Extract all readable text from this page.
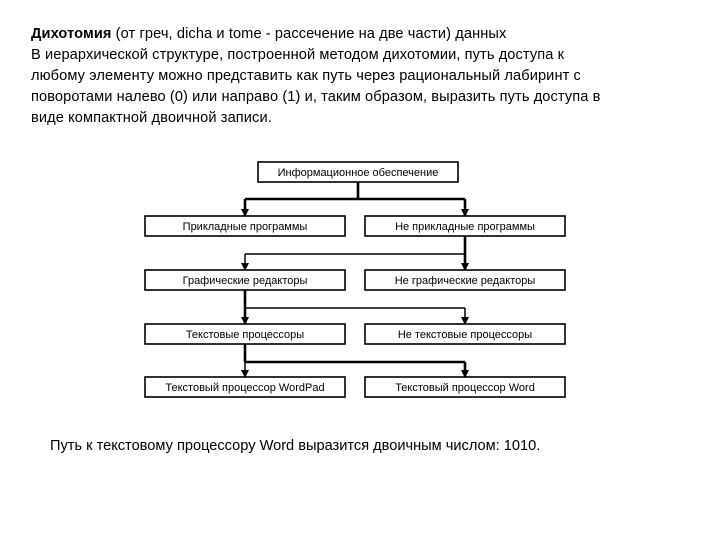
Дихотомия (от греч, dicha и tome - рассечение на две части) данных
В иерархической структуре, построенной методом дихотомии, путь доступа к
любому элементу можно представить как путь через рациональный лабиринт с
поворотами налево (0) или направо (1) и, таким образом, выразить путь доступа в
виде компактной двоичной записи.
Информационное обеспечение
Прикладные программы	Не прикладные программы
Графические редакторы	Не графические редакторы
Текстовые процессоры	Не текстовые процессоры
Текстовый процессор WordPad	Текстовый процессор Word
Путь к текстовому процессору Word выразится двоичным числом: 1010.
